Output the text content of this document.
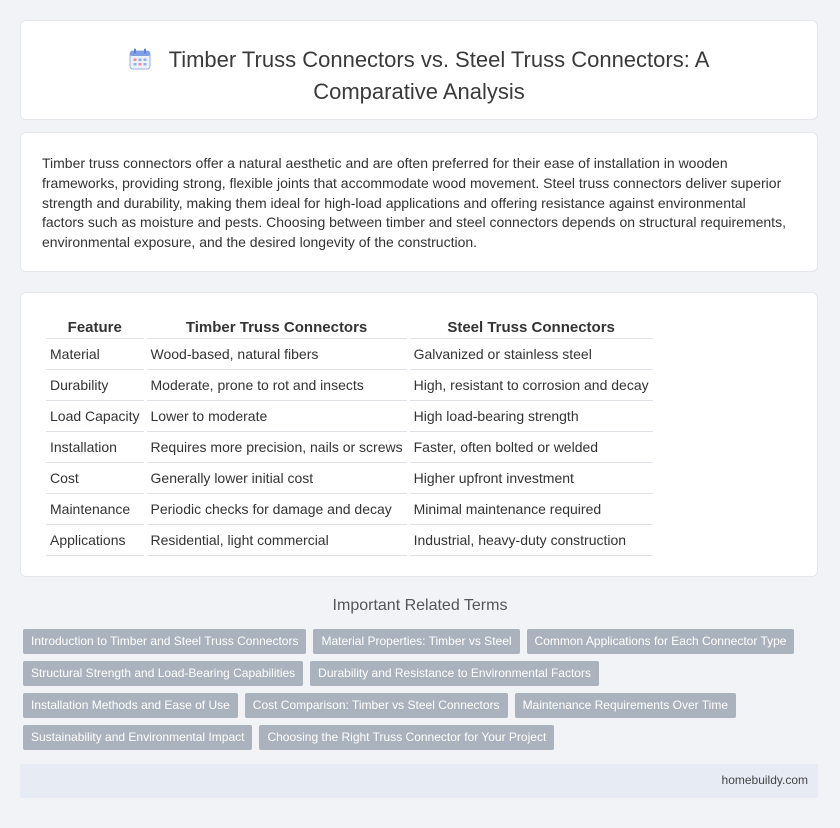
Timber Truss Connectors vs. Steel Truss Connectors: A
Comparative Analysis
Timber truss connectors offer a natural aesthetic and are often preferred for their ease of installation in wooden frameworks, providing strong, flexible joints that accommodate wood movement. Steel truss connectors deliver superior strength and durability, making them ideal for high-load applications and offering resistance against environmental factors such as moisture and pests. Choosing between timber and steel connectors depends on structural requirements, environmental exposure, and the desired longevity of the construction.
Feature	Timber Truss Connectors	Steel Truss Connectors
Material	Wood-based, natural fibers	Galvanized or stainless steel
Durability	Moderate, prone to rot and insects	High, resistant to corrosion and decay
Load Capacity	Lower to moderate	High load-bearing strength
Installation	Requires more precision, nails or screws	Faster, often bolted or welded
Cost	Generally lower initial cost	Higher upfront investment
Maintenance	Periodic checks for damage and decay	Minimal maintenance required
Applications	Residential, light commercial	Industrial, heavy-duty construction
Important Related Terms
Introduction to Timber and Steel Truss Connectors	Material Properties: Timber vs Steel	Common Applications for Each Connector Type
Structural Strength and Load-Bearing Capabilities	Durability and Resistance to Environmental Factors
Installation Methods and Ease of Use	Cost Comparison: Timber vs Steel Connectors	Maintenance Requirements Over Time
Sustainability and Environmental Impact	Choosing the Right Truss Connector for Your Project
homebuildy.com
